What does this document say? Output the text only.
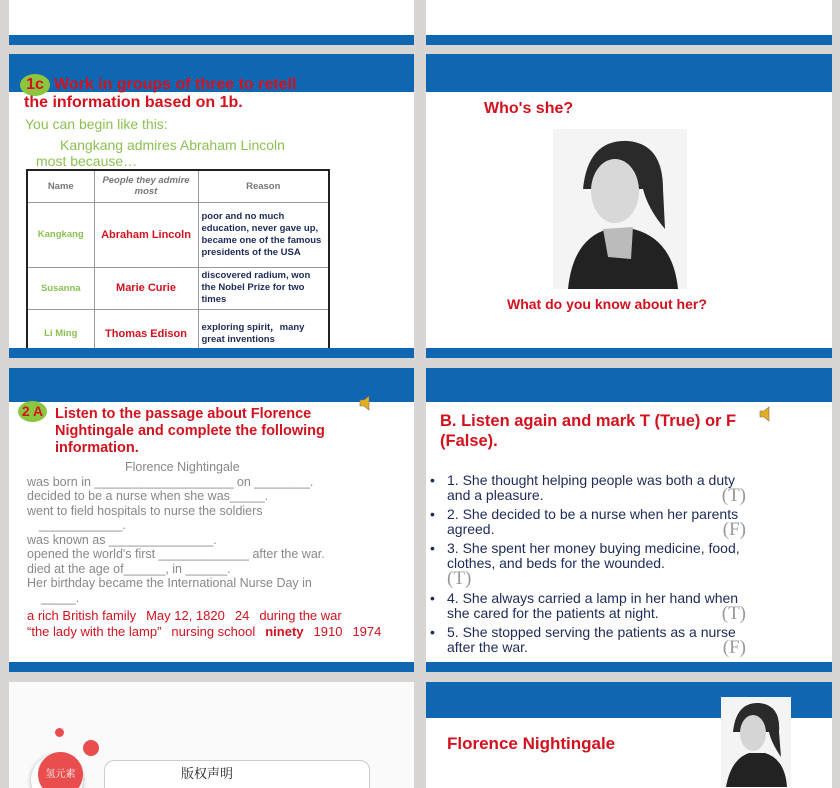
1c Work in groups of three to retell
the information based on 1b.
You can begin like this:
Kangkang admires Abraham Lincoln
most because…
Name	People they admire most	Reason
Kangkang	Abraham Lincoln	poor and no much education, never gave up, became one of the famous presidents of the USA
Susanna	Marie Curie	discovered radium, won the Nobel Prize for two times
Li Ming	Thomas Edison	exploring spirit，many great inventions
Who's she?
What do you know about her?
2 A Listen to the passage about Florence Nightingale and complete the following information.
Florence Nightingale
was born in ____________________ on ________.
decided to be a nurse when she was_____.
went to field hospitals to nurse the soldiers
____________.
was known as _______________.
opened the world's first _____________ after the war.
died at the age of______, in ______.
Her birthday became the International Nurse Day in
_____.
a rich British family May 12, 1820 24 during the war
“the lady with the lamp” nursing school ninety 1910 1974
B. Listen again and mark T (True) or F (False).
• 1. She thought helping people was both a duty and a pleasure.	(T)
• 2. She decided to be a nurse when her parents agreed.	(F)
• 3. She spent her money buying medicine, food, clothes, and beds for the wounded.
(T)
• 4. She always carried a lamp in her hand when she cared for the patients at night.	(T)
• 5. She stopped serving the patients as a nurse after the war.	(F)
氢元素	版权声明
Florence Nightingale
